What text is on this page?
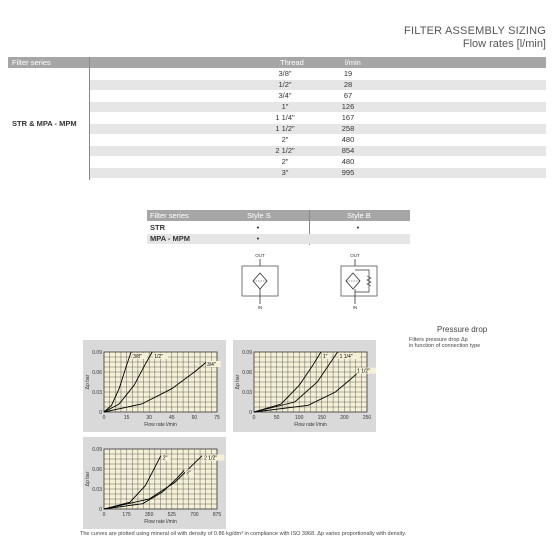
FILTER ASSEMBLY SIZING
Flow rates [l/min]
Filter series	Thread	l/min
3/8"	19
1/2"	28
3/4"	67
1"	126
1 1/4"	167
1 1/2"	258
2"	480
2 1/2"	854
2"	480
3"	995
STR & MPA - MPM
Filter series	Style S	Style B
STR	•	•
MPA - MPM	•
OUT
IN
OUT
IN
Pressure drop
Filters pressure drop Δp
in function of connection type
0	15	30	45	60	75
0
0.03
0.06
0.09
Flow rate l/min
Δp bar
3/8" 1/2"
3/4"
0	50	100	150	200	250
0
0.03
0.06
0.09
Flow rate l/min
Δp bar
1" 1 1/4"
1 1/2"
0	175	350	525	700	875
0
0.03
0.06
0.09
Flow rate l/min
Δp bar
2"	2 1/2"
3"
The curves are plotted using mineral oil with density of 0.86 kg/dm³ in compliance with ISO 3968. Δp varies proportionally with density.
